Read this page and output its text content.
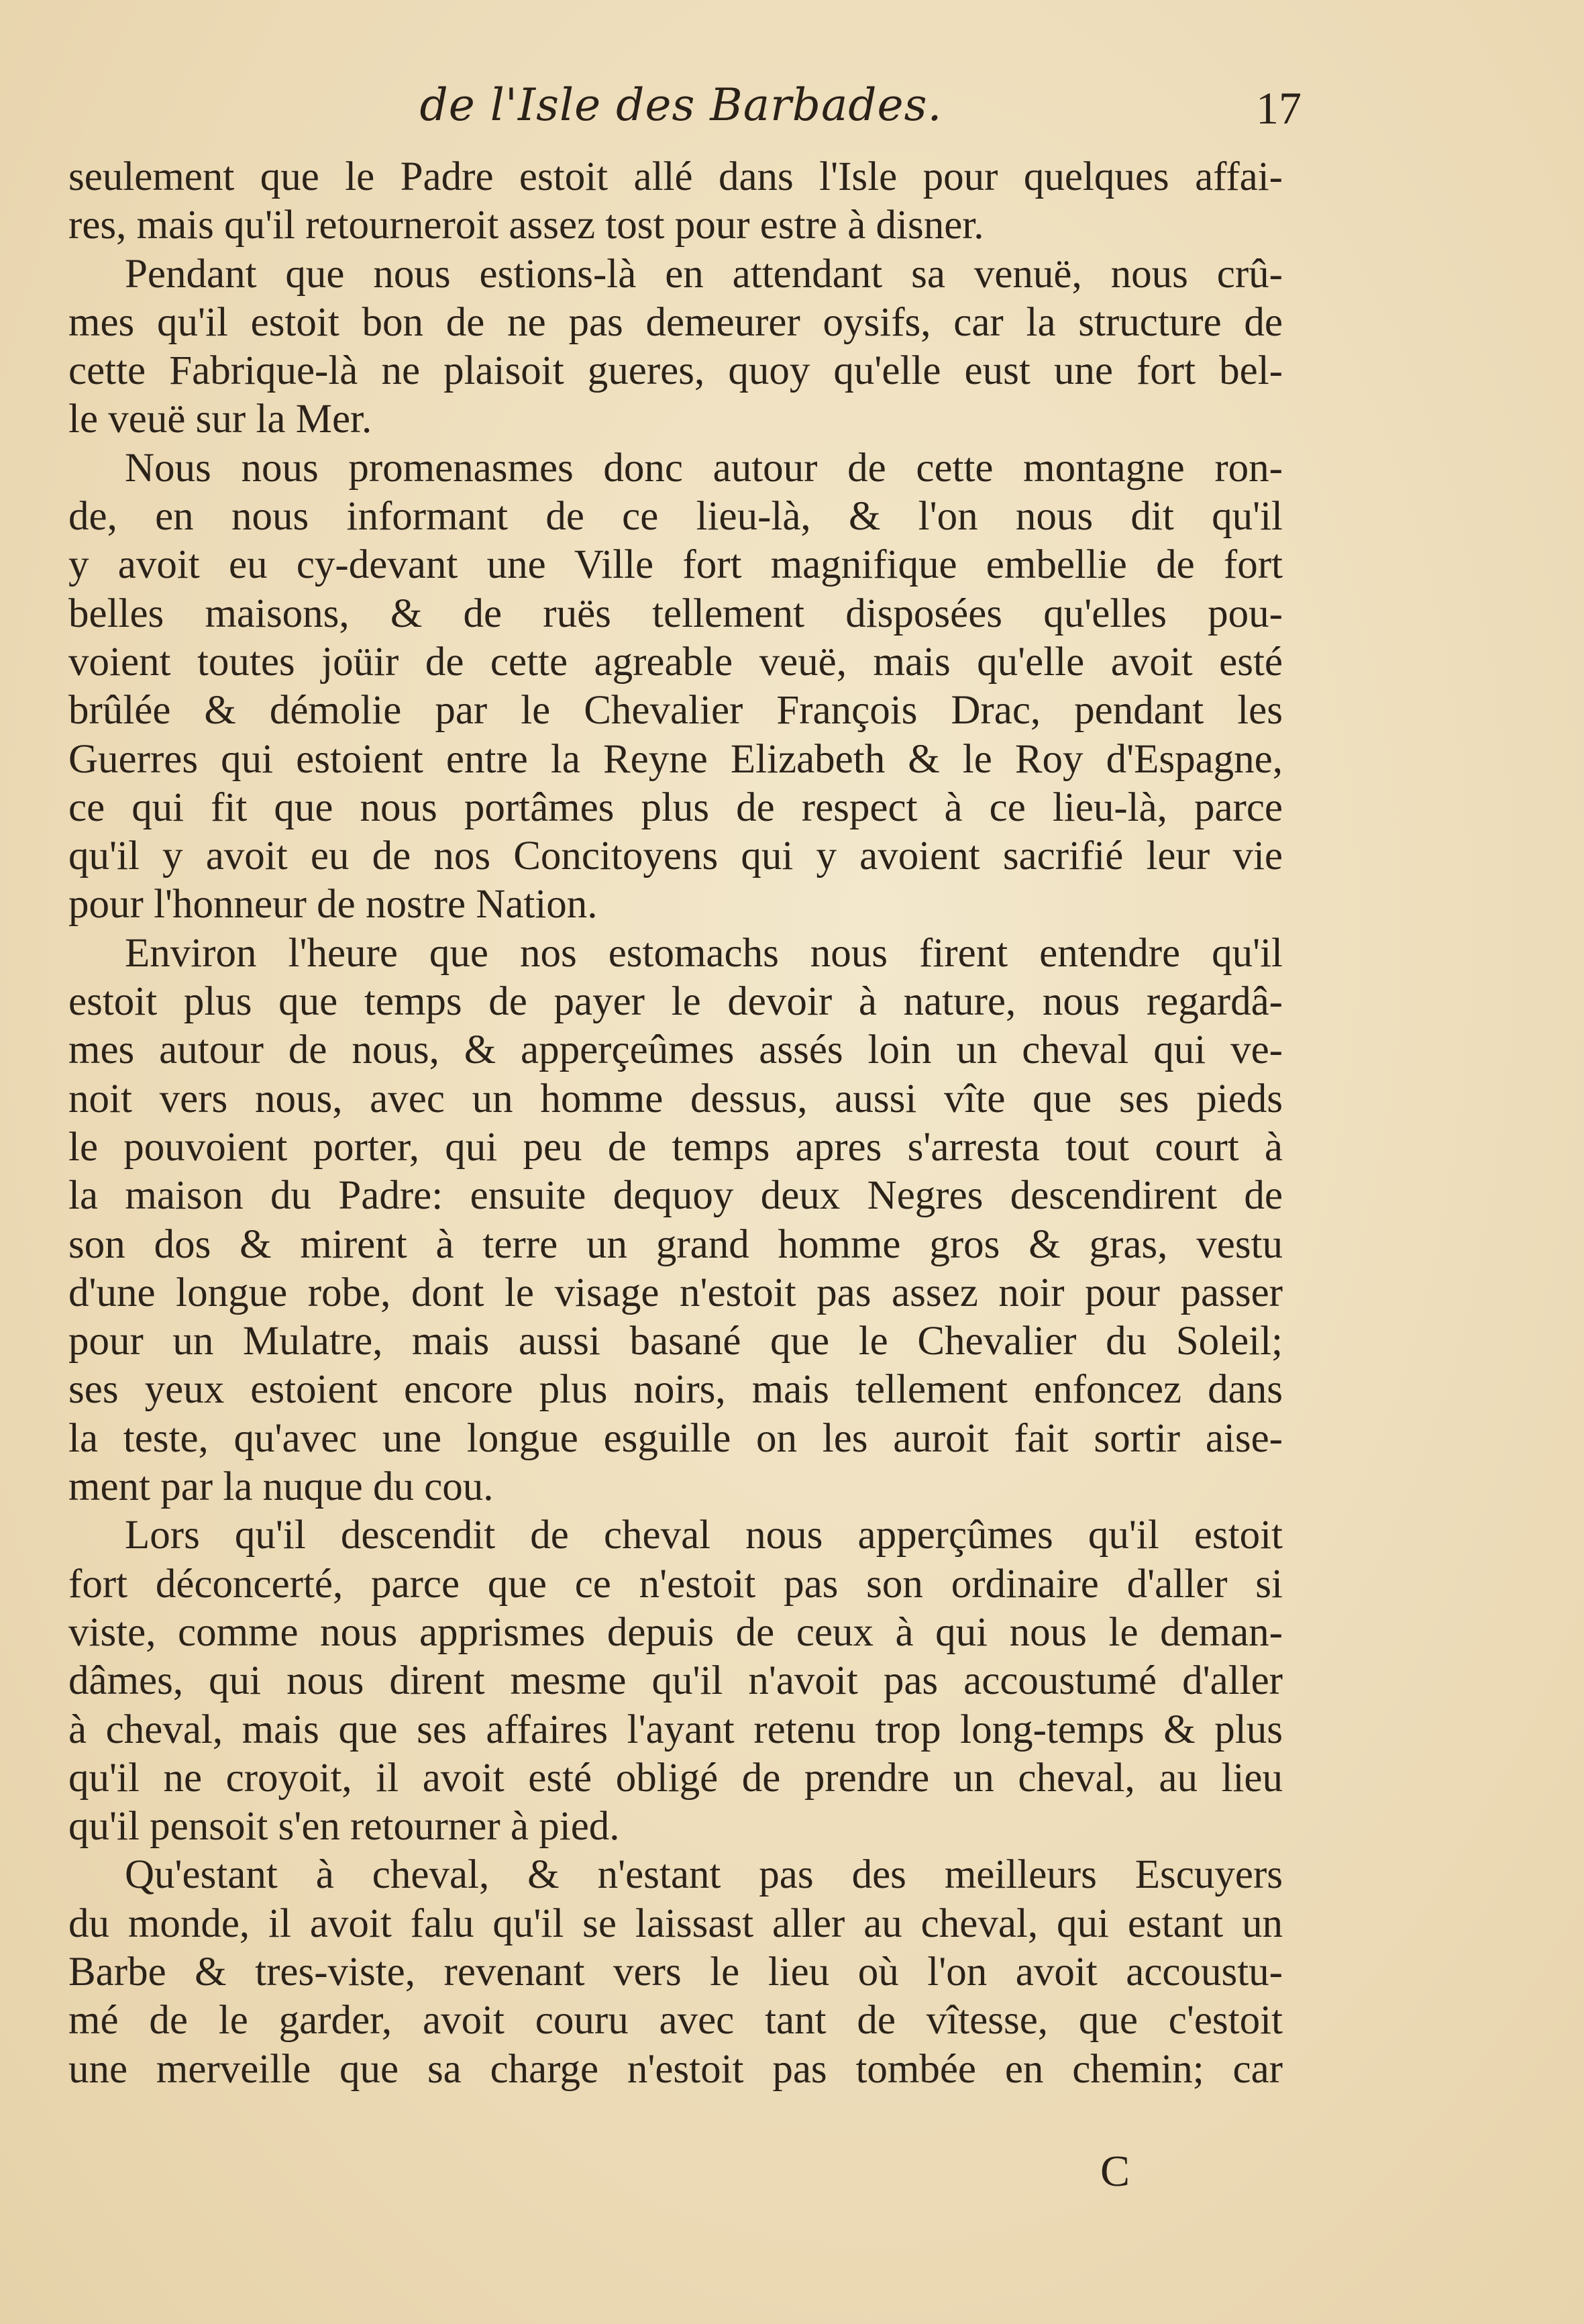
de l'Isle des Barbades.	17
seulement que le Padre estoit allé dans l'Isle pour quelques affai-
res, mais qu'il retourneroit assez tost pour estre à disner.
Pendant que nous estions-là en attendant sa venuë, nous crû-
mes qu'il estoit bon de ne pas demeurer oysifs, car la structure de
cette Fabrique-là ne plaisoit gueres, quoy qu'elle eust une fort bel-
le veuë sur la Mer.
Nous nous promenasmes donc autour de cette montagne ron-
de, en nous informant de ce lieu-là, & l'on nous dit qu'il
y avoit eu cy-devant une Ville fort magnifique embellie de fort
belles maisons, & de ruës tellement disposées qu'elles pou-
voient toutes joüir de cette agreable veuë, mais qu'elle avoit esté
brûlée & démolie par le Chevalier François Drac, pendant les
Guerres qui estoient entre la Reyne Elizabeth & le Roy d'Espagne,
ce qui fit que nous portâmes plus de respect à ce lieu-là, parce
qu'il y avoit eu de nos Concitoyens qui y avoient sacrifié leur vie
pour l'honneur de nostre Nation.
Environ l'heure que nos estomachs nous firent entendre qu'il
estoit plus que temps de payer le devoir à nature, nous regardâ-
mes autour de nous, & apperçeûmes assés loin un cheval qui ve-
noit vers nous, avec un homme dessus, aussi vîte que ses pieds
le pouvoient porter, qui peu de temps apres s'arresta tout court à
la maison du Padre: ensuite dequoy deux Negres descendirent de
son dos & mirent à terre un grand homme gros & gras, vestu
d'une longue robe, dont le visage n'estoit pas assez noir pour passer
pour un Mulatre, mais aussi basané que le Chevalier du Soleil;
ses yeux estoient encore plus noirs, mais tellement enfoncez dans
la teste, qu'avec une longue esguille on les auroit fait sortir aise-
ment par la nuque du cou.
Lors qu'il descendit de cheval nous apperçûmes qu'il estoit
fort déconcerté, parce que ce n'estoit pas son ordinaire d'aller si
viste, comme nous apprismes depuis de ceux à qui nous le deman-
dâmes, qui nous dirent mesme qu'il n'avoit pas accoustumé d'aller
à cheval, mais que ses affaires l'ayant retenu trop long-temps & plus
qu'il ne croyoit, il avoit esté obligé de prendre un cheval, au lieu
qu'il pensoit s'en retourner à pied.
Qu'estant à cheval, & n'estant pas des meilleurs Escuyers
du monde, il avoit falu qu'il se laissast aller au cheval, qui estant un
Barbe & tres-viste, revenant vers le lieu où l'on avoit accoustu-
mé de le garder, avoit couru avec tant de vîtesse, que c'estoit
une merveille que sa charge n'estoit pas tombée en chemin; car
C
